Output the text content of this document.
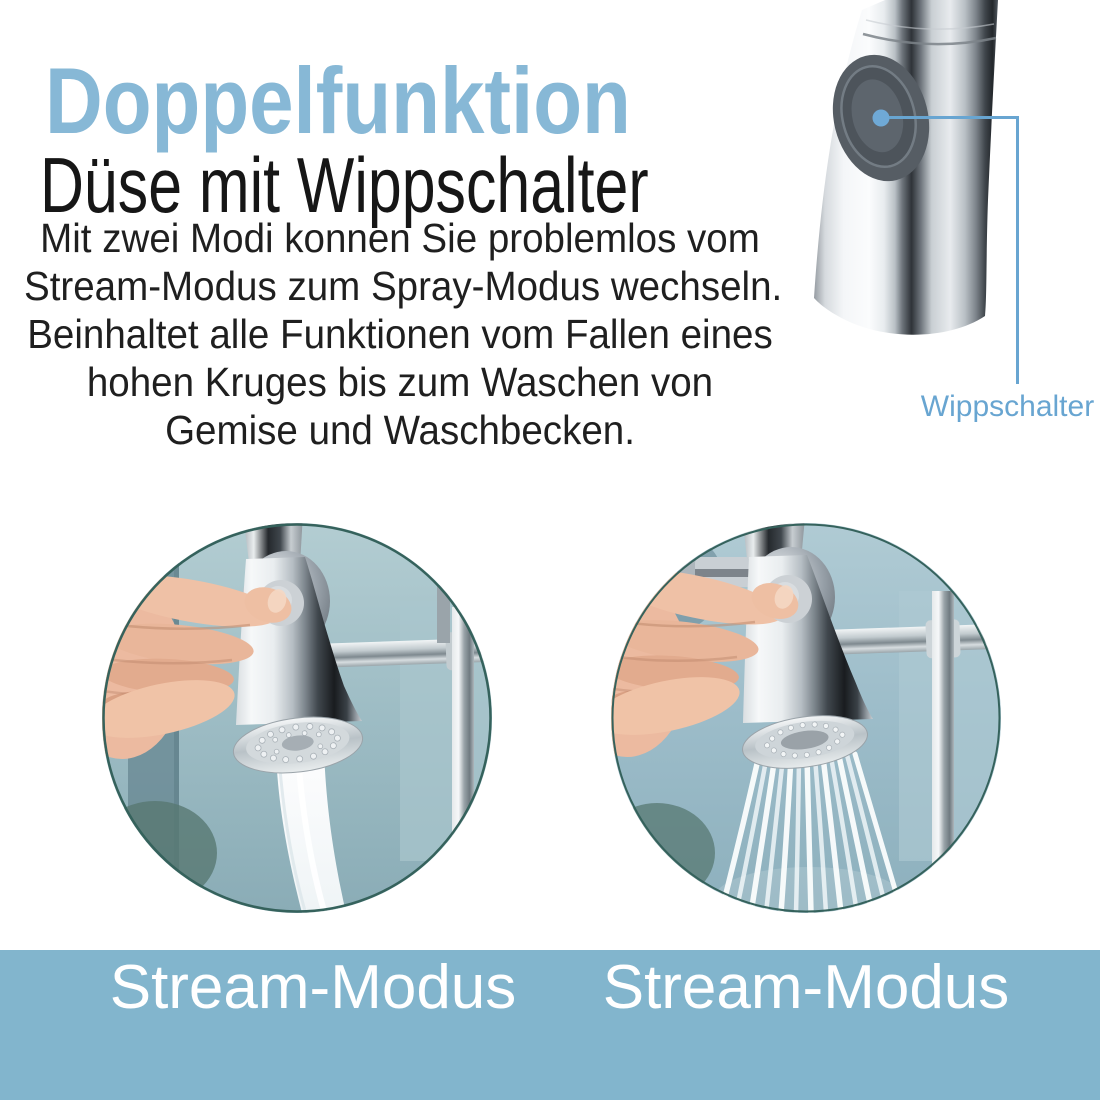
Doppelfunktion
Düse mit Wippschalter
Mit zwei Modi konnen Sie problemlos vom
Stream-Modus zum Spray-Modus wechseln.
Beinhaltet alle Funktionen vom Fallen eines
hohen Kruges bis zum Waschen von
Gemise und Waschbecken.
Wippschalter
Stream-Modus Stream-Modus
